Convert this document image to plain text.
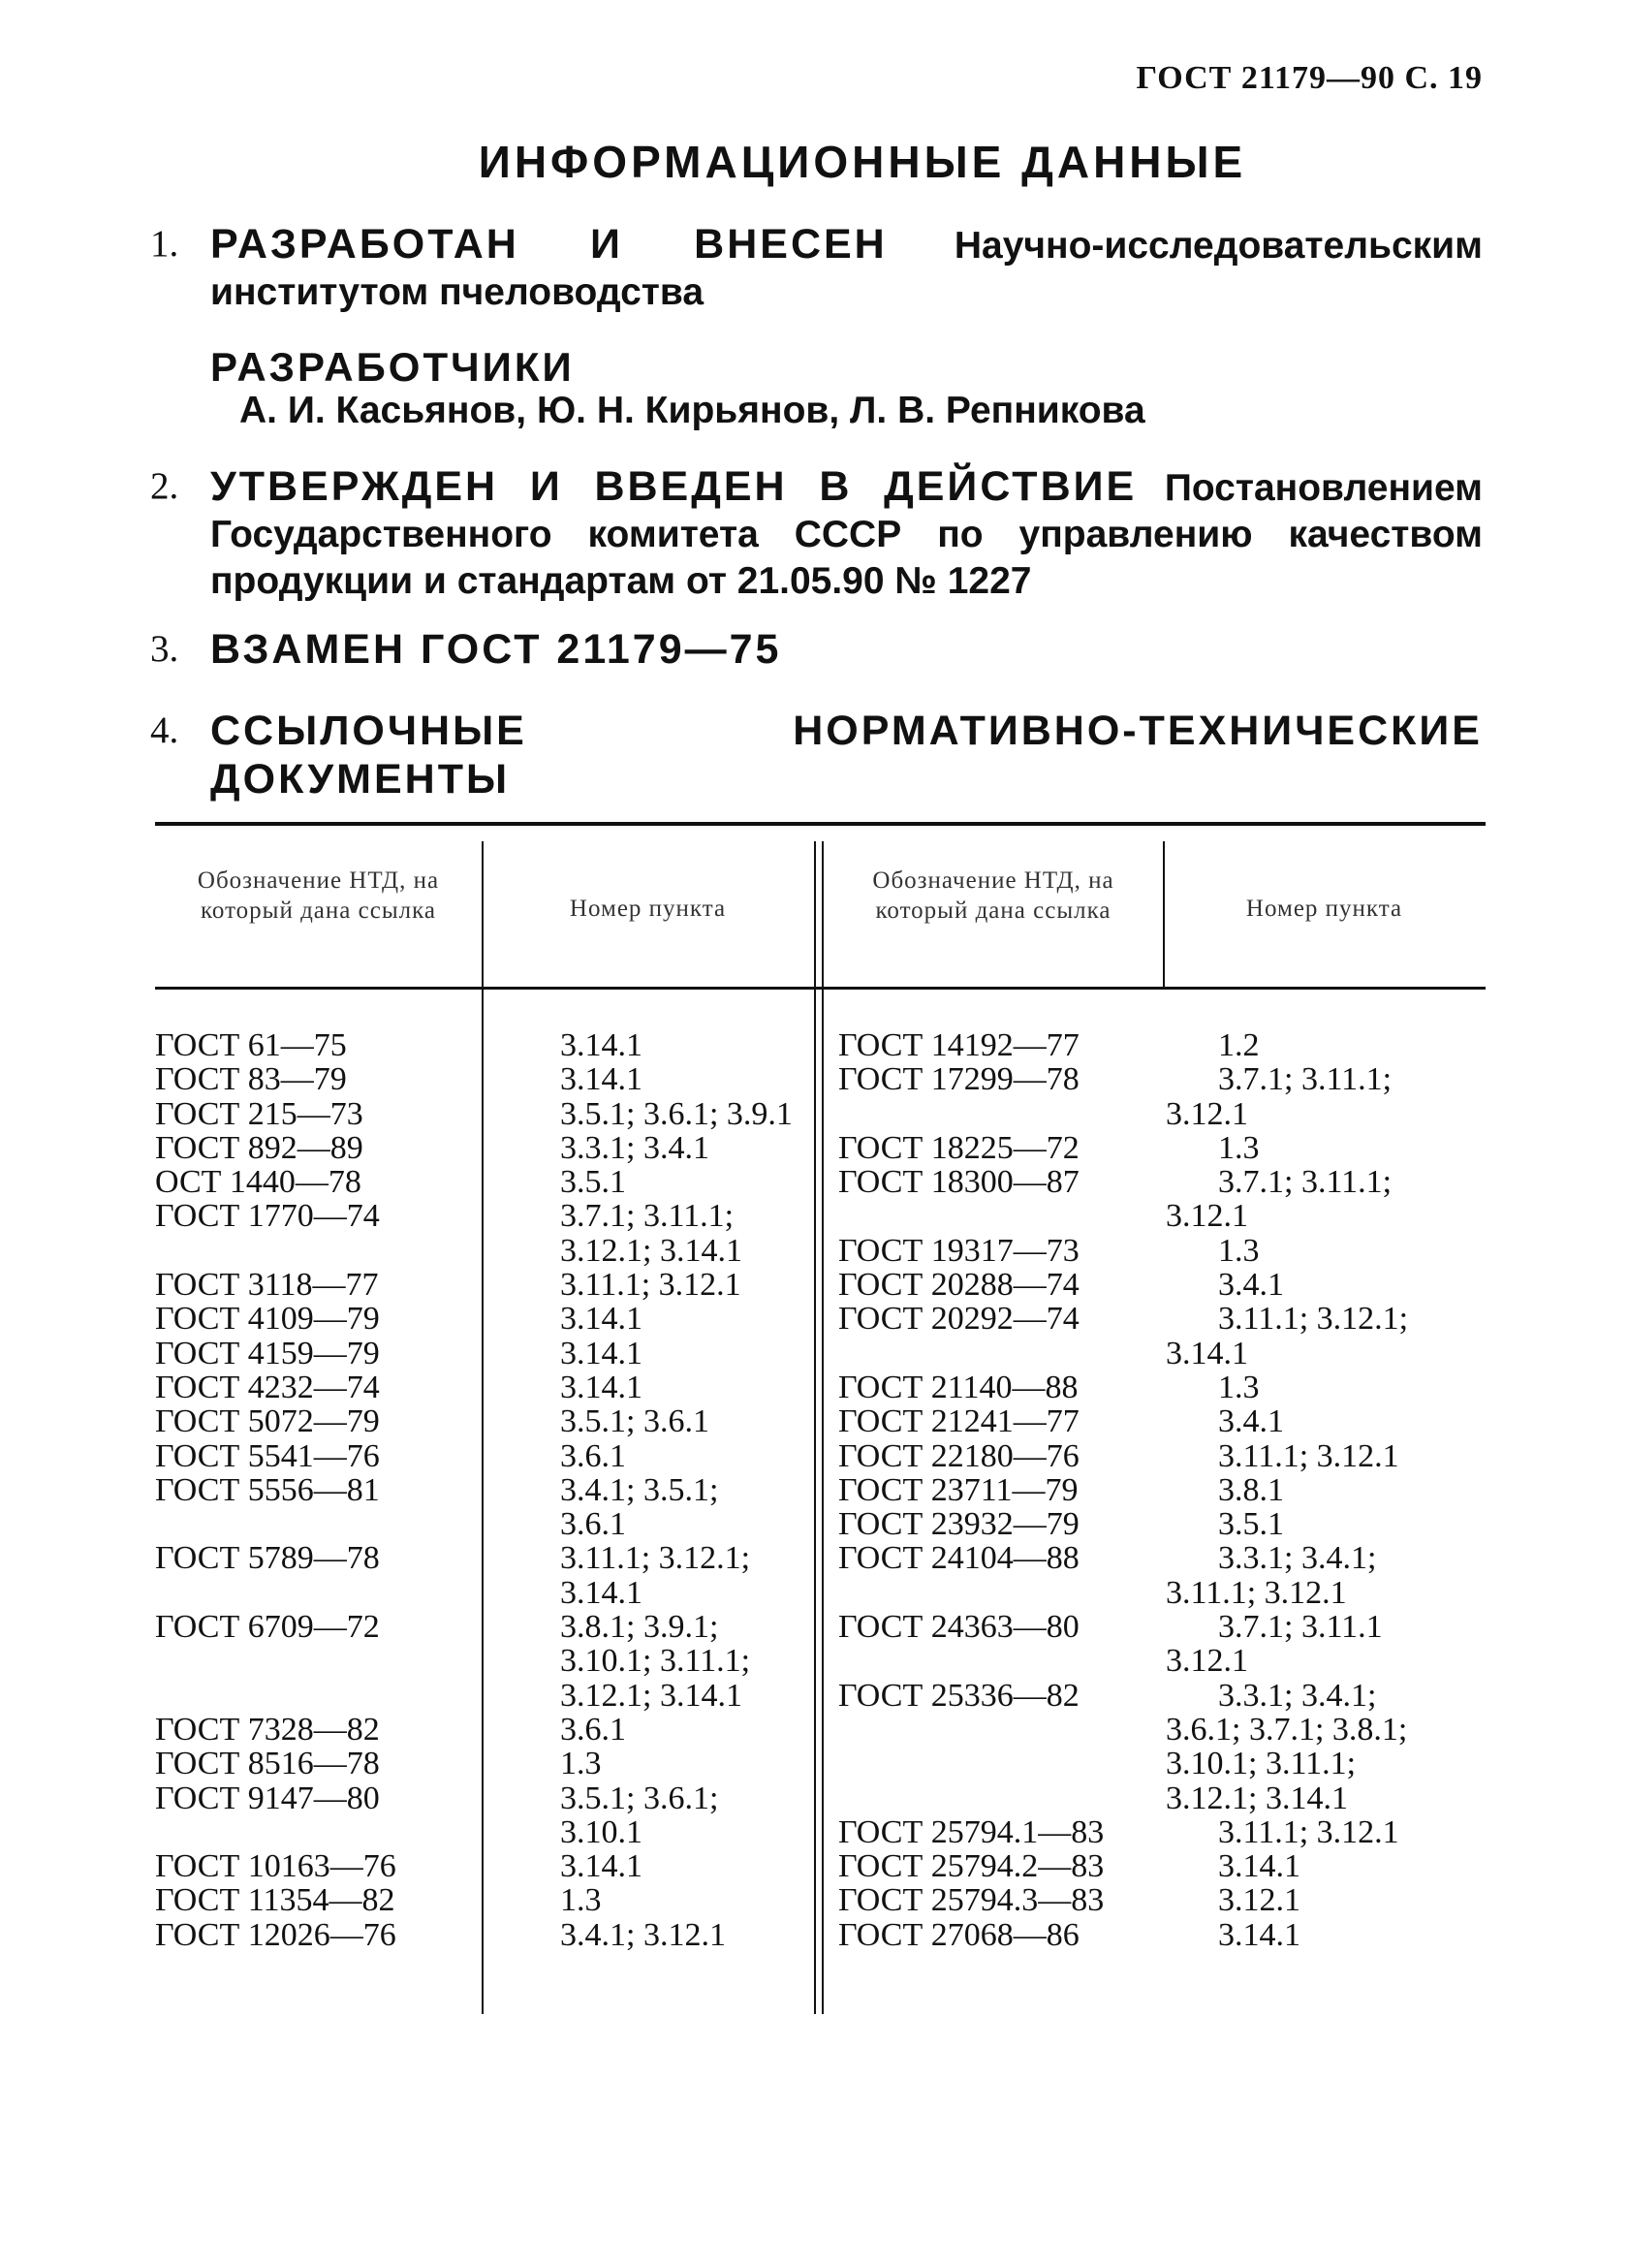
ГОСТ 21179—90 С. 19
ИНФОРМАЦИОННЫЕ ДАННЫЕ
1. РАЗРАБОТАН И ВНЕСЕН Научно-исследовательским институтом пчеловодства
РАЗРАБОТЧИКИ
А. И. Касьянов, Ю. Н. Кирьянов, Л. В. Репникова
2. УТВЕРЖДЕН И ВВЕДЕН В ДЕЙСТВИЕ Постановлением Государственного комитета СССР по управлению качеством продукции и стандартам от 21.05.90 № 1227
3. ВЗАМЕН ГОСТ 21179—75
4. ССЫЛОЧНЫЕ НОРМАТИВНО-ТЕХНИЧЕСКИЕ ДОКУМЕНТЫ
Обозначение НТД, на который дана ссылка	Номер пункта
Обозначение НТД, на который дана ссылка	Номер пункта
ГОСТ 61—75	3.14.1
ГОСТ 83—79	3.14.1
ГОСТ 215—73	3.5.1; 3.6.1; 3.9.1
ГОСТ 892—89	3.3.1; 3.4.1
ОСТ 1440—78	3.5.1
ГОСТ 1770—74	3.7.1; 3.11.1;
3.12.1; 3.14.1
ГОСТ 3118—77	3.11.1; 3.12.1
ГОСТ 4109—79	3.14.1
ГОСТ 4159—79	3.14.1
ГОСТ 4232—74	3.14.1
ГОСТ 5072—79	3.5.1; 3.6.1
ГОСТ 5541—76	3.6.1
ГОСТ 5556—81	3.4.1; 3.5.1;
3.6.1
ГОСТ 5789—78	3.11.1; 3.12.1;
3.14.1
ГОСТ 6709—72	3.8.1; 3.9.1;
3.10.1; 3.11.1;
3.12.1; 3.14.1
ГОСТ 7328—82	3.6.1
ГОСТ 8516—78	1.3
ГОСТ 9147—80	3.5.1; 3.6.1;
3.10.1
ГОСТ 10163—76	3.14.1
ГОСТ 11354—82	1.3
ГОСТ 12026—76	3.4.1; 3.12.1
ГОСТ 14192—77	1.2
ГОСТ 17299—78	3.7.1; 3.11.1;
3.12.1
ГОСТ 18225—72	1.3
ГОСТ 18300—87	3.7.1; 3.11.1;
3.12.1
ГОСТ 19317—73	1.3
ГОСТ 20288—74	3.4.1
ГОСТ 20292—74	3.11.1; 3.12.1;
3.14.1
ГОСТ 21140—88	1.3
ГОСТ 21241—77	3.4.1
ГОСТ 22180—76	3.11.1; 3.12.1
ГОСТ 23711—79	3.8.1
ГОСТ 23932—79	3.5.1
ГОСТ 24104—88	3.3.1; 3.4.1;
3.11.1; 3.12.1
ГОСТ 24363—80	3.7.1; 3.11.1
3.12.1
ГОСТ 25336—82	3.3.1; 3.4.1;
3.6.1; 3.7.1; 3.8.1;
3.10.1; 3.11.1;
3.12.1; 3.14.1
ГОСТ 25794.1—83	3.11.1; 3.12.1
ГОСТ 25794.2—83	3.14.1
ГОСТ 25794.3—83	3.12.1
ГОСТ 27068—86	3.14.1
